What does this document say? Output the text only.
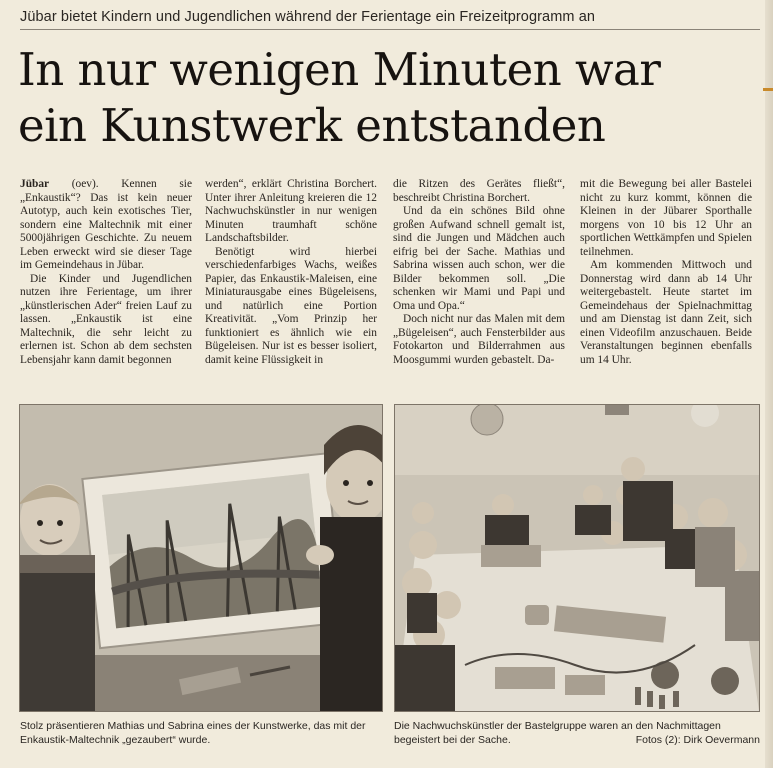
Jübar bietet Kindern und Jugendlichen während der Ferientage ein Freizeitprogramm an
In nur wenigen Minuten war
ein Kunstwerk entstanden

Jübar (oev). Kennen sie „Enkaustik“? Das ist kein neuer Autotyp, auch kein exotisches Tier, sondern eine Maltechnik mit einer 5000jährigen Geschichte. Zu neuem Leben erweckt wird sie dieser Tage im Gemeindehaus in Jübar.

Die Kinder und Jugendlichen nutzen ihre Ferientage, um ihrer „künstlerischen Ader“ freien Lauf zu lassen. „Enkaustik ist eine Maltechnik, die sehr leicht zu erlernen ist. Schon ab dem sechsten Lebensjahr kann damit begonnen

werden“, erklärt Christina Borchert. Unter ihrer Anleitung kreieren die 12 Nachwuchskünstler in nur wenigen Minuten traumhaft schöne Landschaftsbilder.

Benötigt wird hierbei verschiedenfarbiges Wachs, weißes Papier, das Enkaustik-Maleisen, eine Miniaturausgabe eines Bügeleisens, und natürlich eine Portion Kreativität. „Vom Prinzip her funktioniert es ähnlich wie ein Bügeleisen. Nur ist es besser isoliert, damit keine Flüssigkeit in

die Ritzen des Gerätes fließt“, beschreibt Christina Borchert.

Und da ein schönes Bild ohne großen Aufwand schnell gemalt ist, sind die Jungen und Mädchen auch eifrig bei der Sache. Mathias und Sabrina wissen auch schon, wer die Bilder bekommen soll. „Die schenken wir Mami und Papi und Oma und Opa.“

Doch nicht nur das Malen mit dem „Bügeleisen“, auch Fensterbilder aus Fotokarton und Bilderrahmen aus Moosgummi wurden gebastelt. Da-

mit die Bewegung bei aller Bastelei nicht zu kurz kommt, können die Kleinen in der Jübarer Sporthalle morgens von 10 bis 12 Uhr an sportlichen Wettkämpfen und Spielen teilnehmen.

Am kommenden Mittwoch und Donnerstag wird dann ab 14 Uhr weitergebastelt. Heute startet im Gemeindehaus der Spielnachmittag und am Dienstag ist dann Zeit, sich einen Videofilm anzuschauen. Beide Veranstaltungen beginnen ebenfalls um 14 Uhr.

Stolz präsentieren Mathias und Sabrina eines der Kunstwerke, das mit der Enkaustik-Maltechnik „gezaubert“ wurde.
Die Nachwuchskünstler der Bastelgruppe waren an den Nachmittagen begeistert bei der Sache.	Fotos (2): Dirk Oevermann
